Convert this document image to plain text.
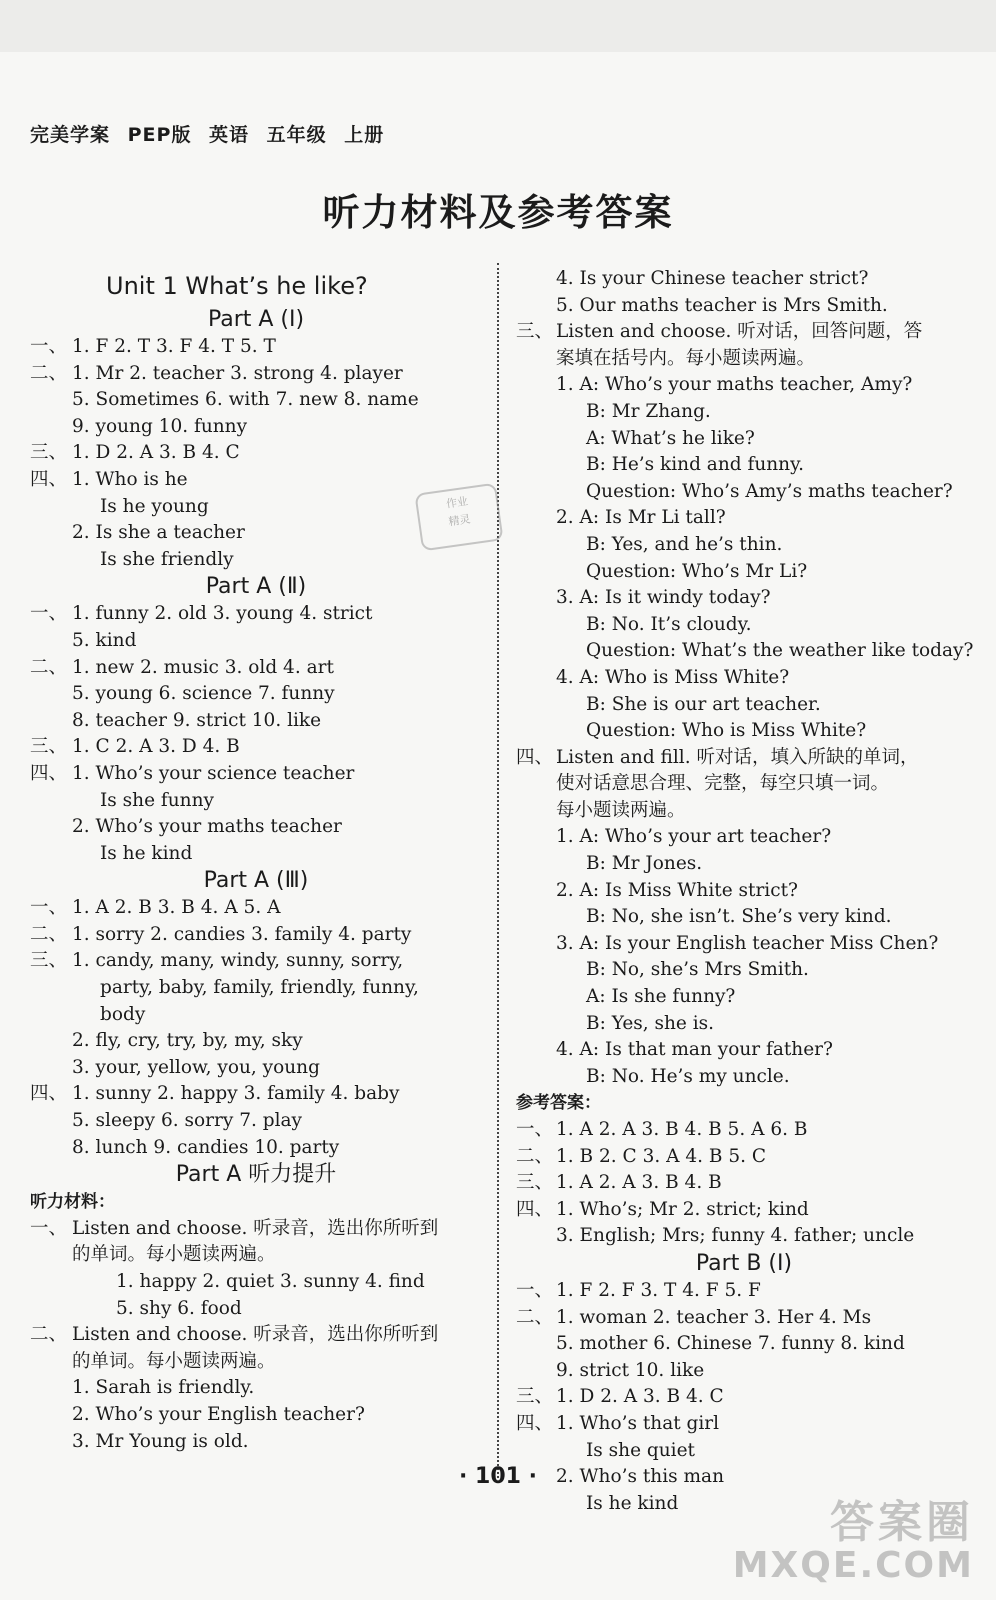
完美学案 PEP版 英语 五年级 上册
听力材料及参考答案
作业
精灵
Unit 1 What’s he like?
Part A (Ⅰ)
一、 1. F 2. T 3. F 4. T 5. T
二、 1. Mr 2. teacher 3. strong 4. player
5. Sometimes 6. with 7. new 8. name
9. young 10. funny
三、 1. D 2. A 3. B 4. C
四、 1. Who is he
Is he young
2. Is she a teacher
Is she friendly
Part A (Ⅱ)
一、 1. funny 2. old 3. young 4. strict
5. kind
二、 1. new 2. music 3. old 4. art
5. young 6. science 7. funny
8. teacher 9. strict 10. like
三、 1. C 2. A 3. D 4. B
四、 1. Who’s your science teacher
Is she funny
2. Who’s your maths teacher
Is he kind
Part A (Ⅲ)
一、 1. A 2. B 3. B 4. A 5. A
二、 1. sorry 2. candies 3. family 4. party
三、 1. candy, many, windy, sunny, sorry,
party, baby, family, friendly, funny,
body
2. fly, cry, try, by, my, sky
3. your, yellow, you, young
四、 1. sunny 2. happy 3. family 4. baby
5. sleepy 6. sorry 7. play
8. lunch 9. candies 10. party
Part A 听力提升
听力材料：
一、 Listen and choose. 听录音，选出你所听到
的单词。每小题读两遍。
1. happy 2. quiet 3. sunny 4. find
5. shy 6. food
二、 Listen and choose. 听录音，选出你所听到
的单词。每小题读两遍。
1. Sarah is friendly.
2. Who’s your English teacher?
3. Mr Young is old.
4. Is your Chinese teacher strict?
5. Our maths teacher is Mrs Smith.
三、 Listen and choose. 听对话，回答问题，答
案填在括号内。每小题读两遍。
1. A: Who’s your maths teacher, Amy?
B: Mr Zhang.
A: What’s he like?
B: He’s kind and funny.
Question: Who’s Amy’s maths teacher?
2. A: Is Mr Li tall?
B: Yes, and he’s thin.
Question: Who’s Mr Li?
3. A: Is it windy today?
B: No. It’s cloudy.
Question: What’s the weather like today?
4. A: Who is Miss White?
B: She is our art teacher.
Question: Who is Miss White?
四、 Listen and fill. 听对话，填入所缺的单词，
使对话意思合理、完整，每空只填一词。
每小题读两遍。
1. A: Who’s your art teacher?
B: Mr Jones.
2. A: Is Miss White strict?
B: No, she isn’t. She’s very kind.
3. A: Is your English teacher Miss Chen?
B: No, she’s Mrs Smith.
A: Is she funny?
B: Yes, she is.
4. A: Is that man your father?
B: No. He’s my uncle.
参考答案：
一、 1. A 2. A 3. B 4. B 5. A 6. B
二、 1. B 2. C 3. A 4. B 5. C
三、 1. A 2. A 3. B 4. B
四、 1. Who’s; Mr 2. strict; kind
3. English; Mrs; funny 4. father; uncle
Part B (Ⅰ)
一、 1. F 2. F 3. T 4. F 5. F
二、 1. woman 2. teacher 3. Her 4. Ms
5. mother 6. Chinese 7. funny 8. kind
9. strict 10. like
三、 1. D 2. A 3. B 4. C
四、 1. Who’s that girl
Is she quiet
2. Who’s this man
Is he kind
· 101 ·
答案圈
MXQE.COM
